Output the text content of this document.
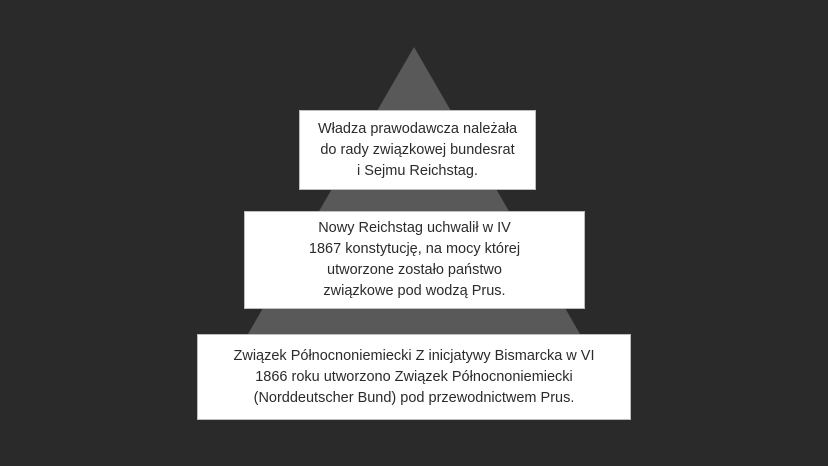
Władza prawodawcza należała
do rady związkowej bundesrat
i Sejmu Reichstag.
Nowy Reichstag uchwalił w IV
1867 konstytucję, na mocy której
utworzone zostało państwo
związkowe pod wodzą Prus.
Związek Północnoniemiecki Z inicjatywy Bismarcka w VI
1866 roku utworzono Związek Północnoniemiecki
(Norddeutscher Bund) pod przewodnictwem Prus.
